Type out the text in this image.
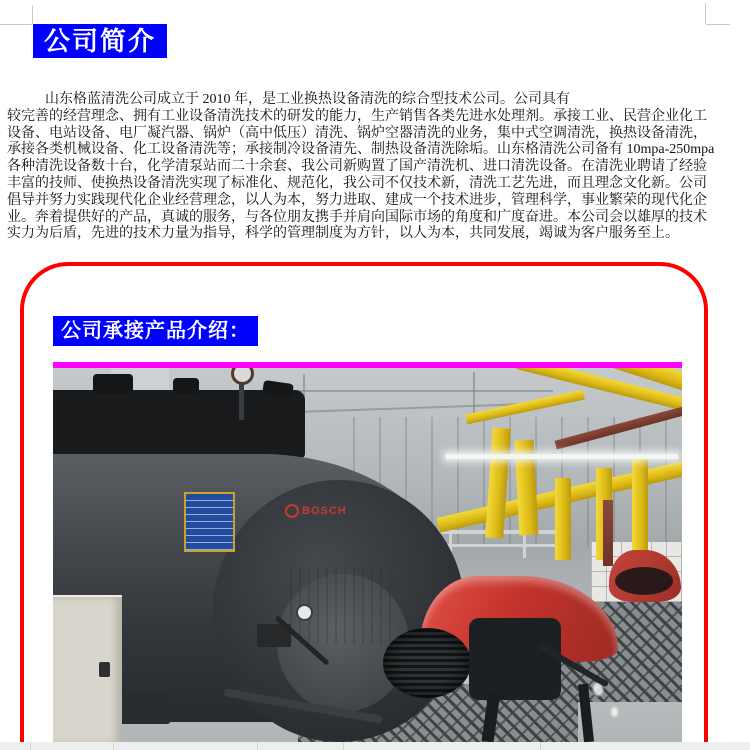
公司简介
山东格蓝清洗公司成立于 2010 年，是工业换热设备清洗的综合型技术公司。公司具有
较完善的经营理念、拥有工业设备清洗技术的研发的能力，生产销售各类先进水处理剂。承接工业、民营企业化工
设备、电站设备、电厂凝汽器、锅炉（高中低压）清洗、锅炉空器清洗的业务，集中式空调清洗，换热设备清洗，
承接各类机械设备、化工设备清洗等；承接制冷设备清先、制热设备清洗除垢。山东格清洗公司备有 10mpa-250mpa
各种清洗设备数十台，化学清泵站而二十余套、我公司新购置了国产清洗机、进口清洗设备。在清洗业聘请了经验
丰富的技师、使换热设备清洗实现了标准化、规范化，我公司不仅技术新，清洗工艺先进，而且理念文化新。公司
倡导并努力实践现代化企业经营理念，以人为本，努力进取、建成一个技术进步，管理科学，事业繁荣的现代化企
业。奔着提供好的产品，真诚的服务，与各位朋友携手并肩向国际市场的角度和广度奋进。本公司会以雄厚的技术
实力为后盾，先进的技术力量为指导，科学的管理制度为方针，以人为本，共同发展，竭诚为客户服务至上。
公司承接产品介绍：
BOSCH
